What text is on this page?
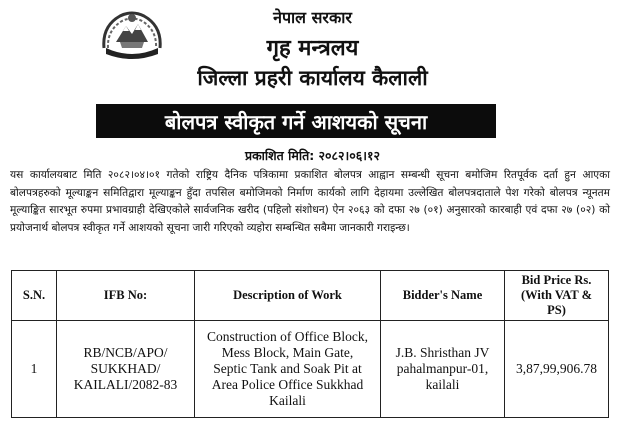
नेपाल सरकार
गृह मन्त्रलय
जिल्ला प्रहरी कार्यालय कैलाली
बोलपत्र स्वीकृत गर्ने आशयको सूचना
प्रकाशित मिति: २०८२।०६।१२
यस कार्यालयबाट मिति २०८२।०४।०१ गतेको राष्ट्रिय दैनिक पत्रिकामा प्रकाशित बोलपत्र आह्वान सम्बन्धी सूचना बमोजिम रितपूर्वक दर्ता हुन आएका बोलपत्रहरुको मूल्याङ्कन समितिद्वारा मूल्याङ्कन हुँदा तपसिल बमोजिमको निर्माण कार्यको लागि देहायमा उल्लेखित बोलपत्रदाताले पेश गरेको बोलपत्र न्यूनतम मूल्याङ्कित सारभूत रुपमा प्रभावग्राही देखिएकोले सार्वजनिक खरीद (पहिलो संशोधन) ऐन २०६३ को दफा २७ (०१) अनुसारको कारबाही एवं दफा २७ (०२) को प्रयोजनार्थ बोलपत्र स्वीकृत गर्ने आशयको सूचना जारी गरिएको व्यहोरा सम्बन्धित सबैमा जानकारी गराइन्छ।
S.N.	IFB No:	Description of Work	Bidder's Name	Bid Price Rs.
(With VAT &
PS)

1	RB/NCB/APO/
SUKKHAD/
KAILALI/2082-83	Construction of Office Block,
Mess Block, Main Gate,
Septic Tank and Soak Pit at
Area Police Office Sukkhad
Kailali	J.B. Shristhan JV
pahalmanpur-01,
kailali	3,87,99,906.78
